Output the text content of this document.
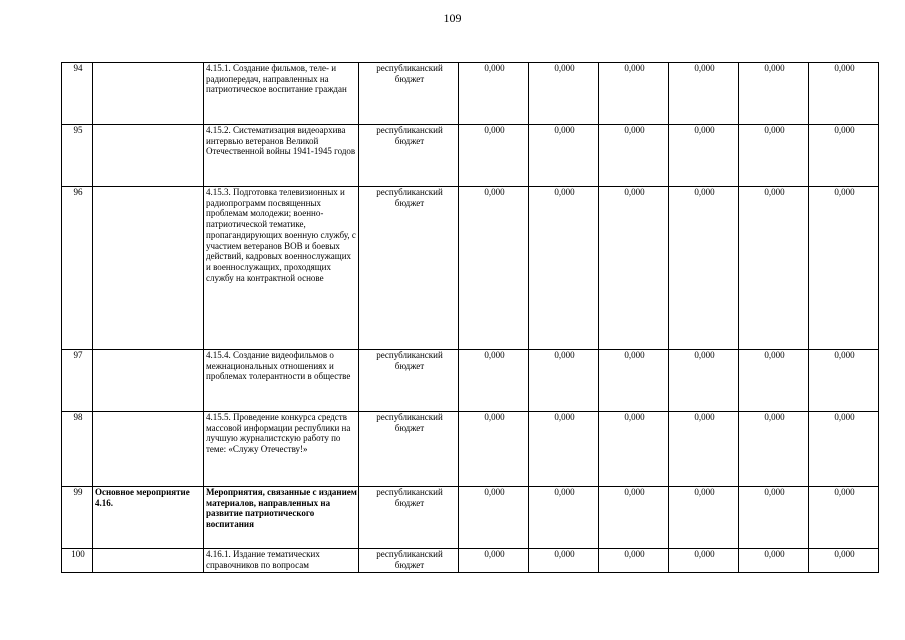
109
94		4.15.1. Создание фильмов, теле- и радиопередач, направленных на патриотическое воспитание граждан	республиканский бюджет	0,000	0,000	0,000	0,000	0,000	0,000
95		4.15.2. Систематизация видеоархива интервью ветеранов Великой Отечественной войны 1941-1945 годов	республиканский бюджет	0,000	0,000	0,000	0,000	0,000	0,000
96		4.15.3. Подготовка телевизионных и радиопрограмм посвященных проблемам молодежи; военно-патриотической тематике, пропагандирующих военную службу, с участием ветеранов ВОВ и боевых действий, кадровых военнослужащих и военнослужащих, проходящих службу на контрактной основе	республиканский бюджет	0,000	0,000	0,000	0,000	0,000	0,000
97		4.15.4. Создание видеофильмов о межнациональных отношениях и проблемах толерантности в обществе	республиканский бюджет	0,000	0,000	0,000	0,000	0,000	0,000
98		4.15.5. Проведение конкурса средств массовой информации республики на лучшую журналистскую работу по теме: «Служу Отечеству!»	республиканский бюджет	0,000	0,000	0,000	0,000	0,000	0,000
99	Основное мероприятие 4.16.	Мероприятия, связанные с изданием материалов, направленных на развитие патриотического воспитания	республиканский бюджет	0,000	0,000	0,000	0,000	0,000	0,000
100		4.16.1. Издание тематических справочников по вопросам	республиканский бюджет	0,000	0,000	0,000	0,000	0,000	0,000
